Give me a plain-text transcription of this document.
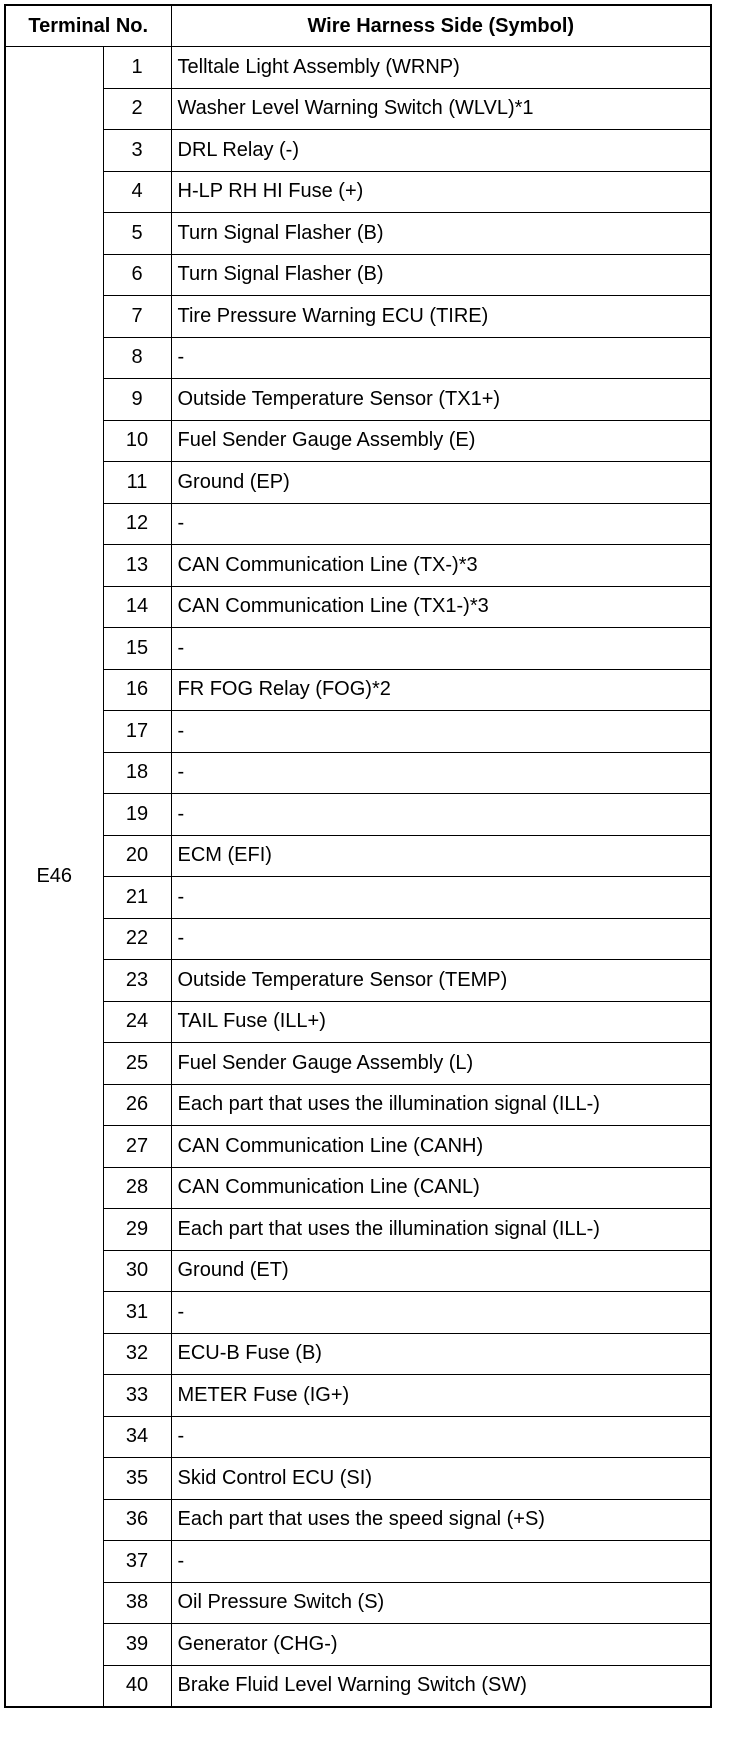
Terminal No.		Wire Harness Side (Symbol)
E46	1	Telltale Light Assembly (WRNP)
	2	Washer Level Warning Switch (WLVL)*1
	3	DRL Relay (-)
	4	H-LP RH HI Fuse (+)
	5	Turn Signal Flasher (B)
	6	Turn Signal Flasher (B)
	7	Tire Pressure Warning ECU (TIRE)
	8	-
	9	Outside Temperature Sensor (TX1+)
	10	Fuel Sender Gauge Assembly (E)
	11	Ground (EP)
	12	-
	13	CAN Communication Line (TX-)*3
	14	CAN Communication Line (TX1-)*3
	15	-
	16	FR FOG Relay (FOG)*2
	17	-
	18	-
	19	-
	20	ECM (EFI)
	21	-
	22	-
	23	Outside Temperature Sensor (TEMP)
	24	TAIL Fuse (ILL+)
	25	Fuel Sender Gauge Assembly (L)
	26	Each part that uses the illumination signal (ILL-)
	27	CAN Communication Line (CANH)
	28	CAN Communication Line (CANL)
	29	Each part that uses the illumination signal (ILL-)
	30	Ground (ET)
	31	-
	32	ECU-B Fuse (B)
	33	METER Fuse (IG+)
	34	-
	35	Skid Control ECU (SI)
	36	Each part that uses the speed signal (+S)
	37	-
	38	Oil Pressure Switch (S)
	39	Generator (CHG-)
	40	Brake Fluid Level Warning Switch (SW)
